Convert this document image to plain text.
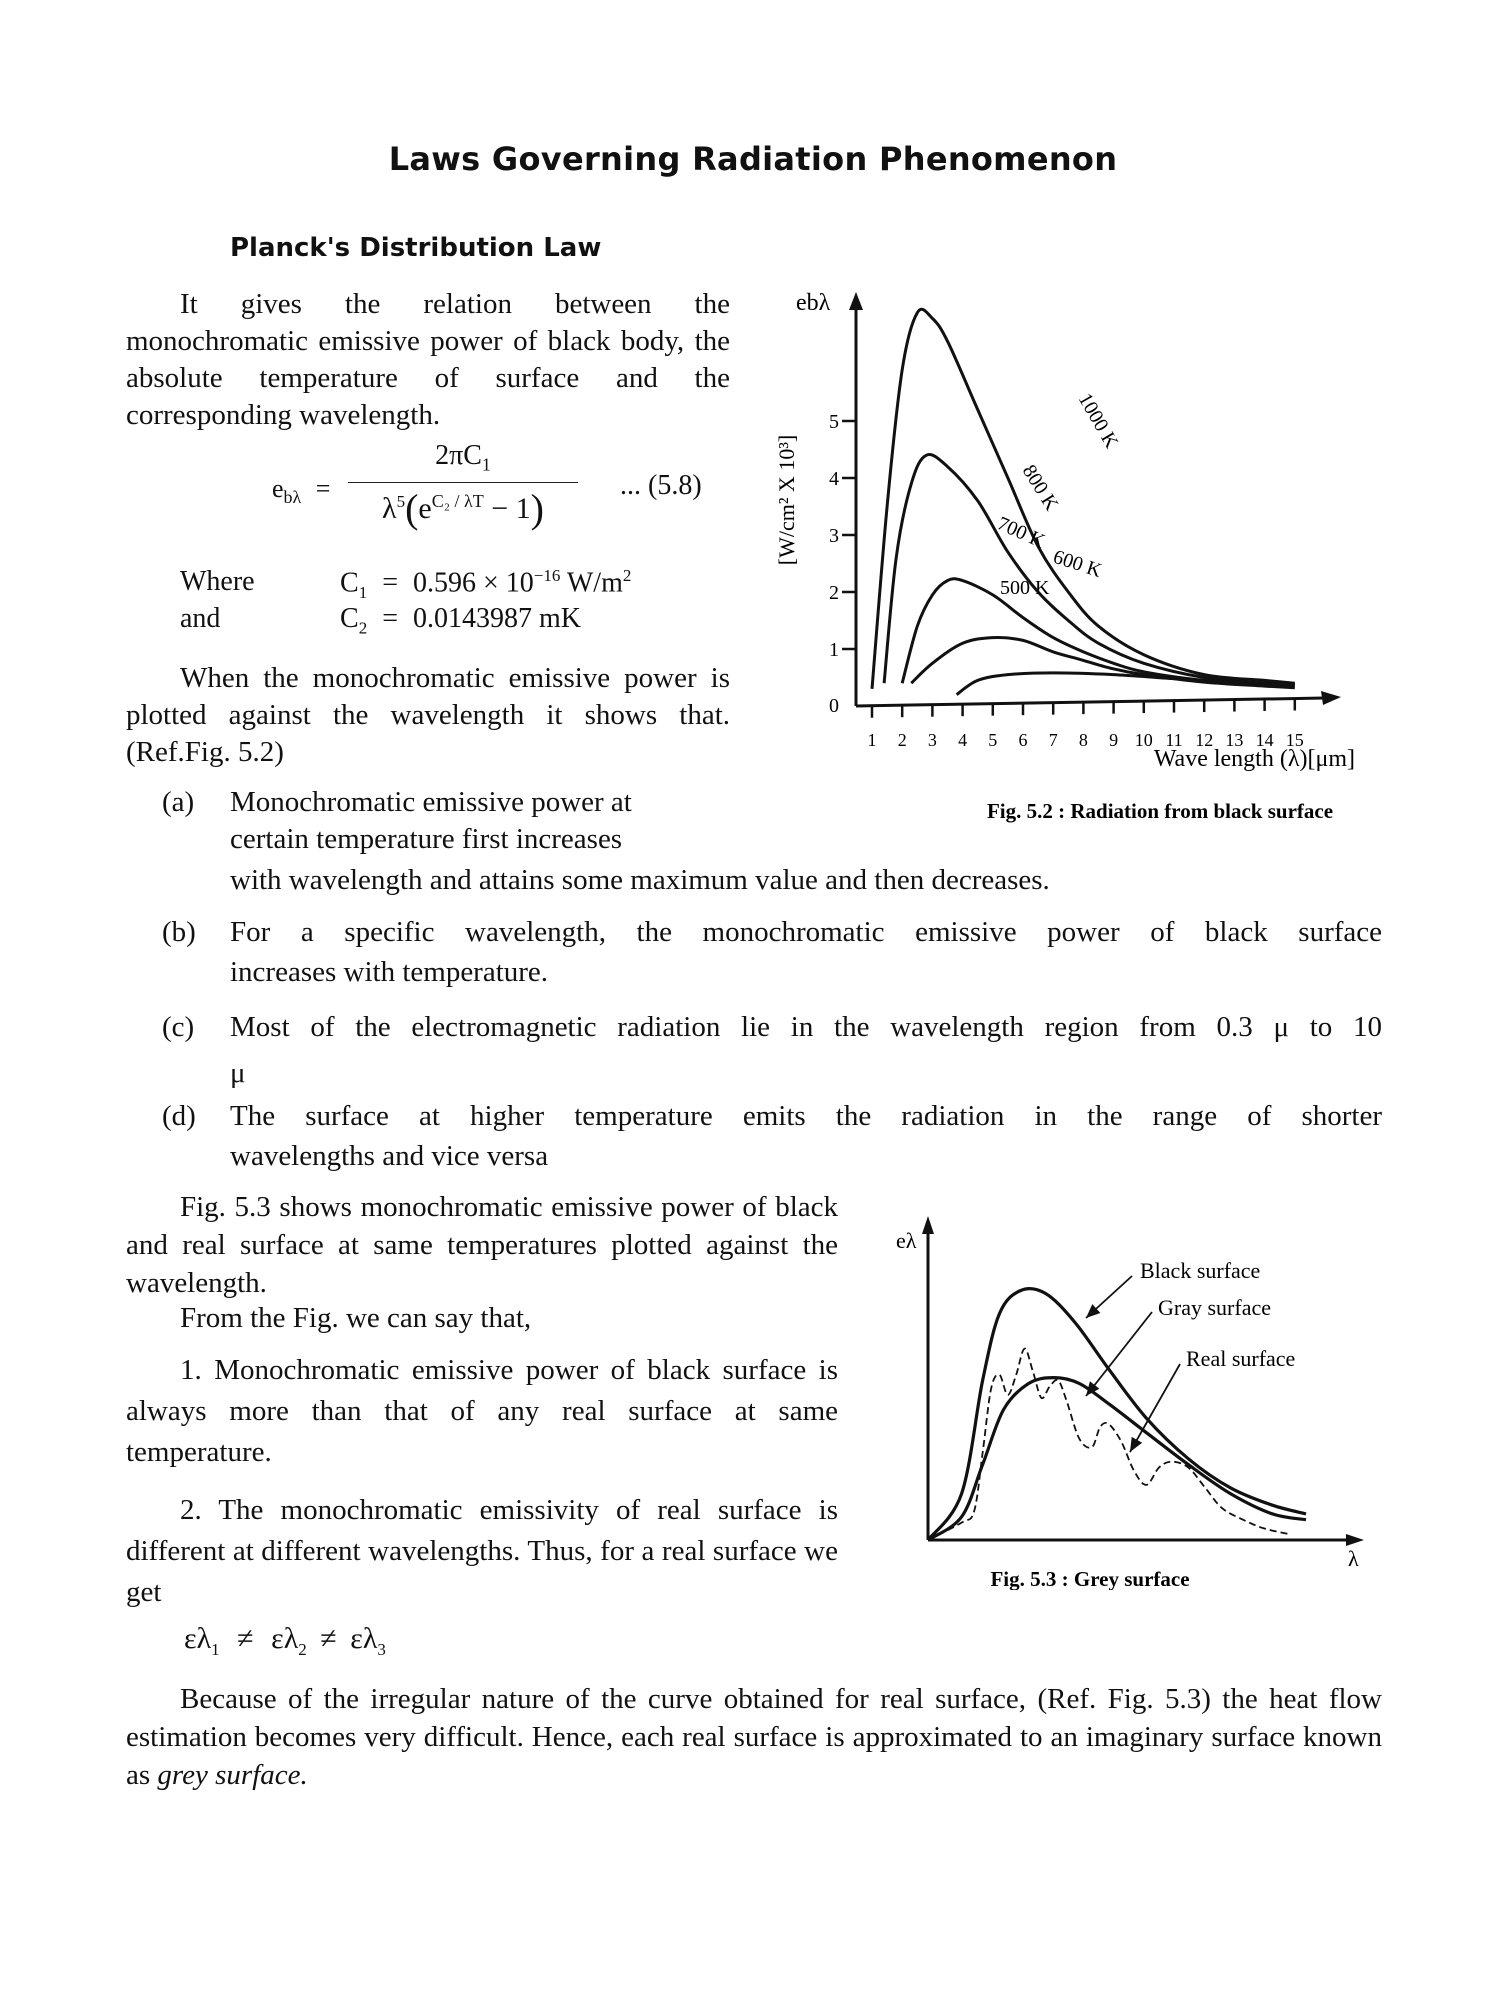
Laws Governing Radiation Phenomenon
Planck's Distribution Law

It gives the relation between the monochromatic emissive power of black body, the absolute temperature of surface and the corresponding wavelength.

$e_{b\lambda}$ =
$2\pi C_1$
$\lambda^5(e^{C_2 / \lambda T} - 1)$
... (5.8)
Where	$C_1 = 0.596 \times 10^{-16}$ $W/m^2$
and	$C_2 = 0.0143987$ mK

When the monochromatic emissive power is plotted against the wavelength it shows that. (Ref.Fig. 5.2)

(a) Monochromatic emissive power at
certain temperature first increases
with wavelength and attains some maximum value and then decreases.
(b) For a specific wavelength, the monochromatic emissive power of black surface
increases with temperature.
(c) Most of the electromagnetic radiation lie in the wavelength region from 0.3 μ to 10
μ
(d) The surface at higher temperature emits the radiation in the range of shorter
wavelengths and vice versa

Fig. 5.3 shows monochromatic emissive power of black and real surface at same temperatures plotted against the wavelength.

From the Fig. we can say that,

1. Monochromatic emissive power of black surface is always more than that of any real surface at same temperature.

2. The monochromatic emissivity of real surface is different at different wavelengths. Thus, for a real surface we get

$\varepsilon\lambda_1 \ne \varepsilon\lambda_2 \ne \varepsilon\lambda_3$

Because of the irregular nature of the curve obtained for real surface, (Ref. Fig. 5.3) the heat flow estimation becomes very difficult. Hence, each real surface is approximated to an imaginary surface known as grey surface.

1 2 3 4 5 6 7 8 9 10 11 12 13 14 15
0
1
2
3
4
5
ebλ
[W/cm² X 10³]
Wave length (λ)[μm]
Fig. 5.2 : Radiation from black surface
1000 K
800 K
700 K
600 K
500 K
eλ
λ
Fig. 5.3 : Grey surface
Black surface
Gray surface
Real surface
